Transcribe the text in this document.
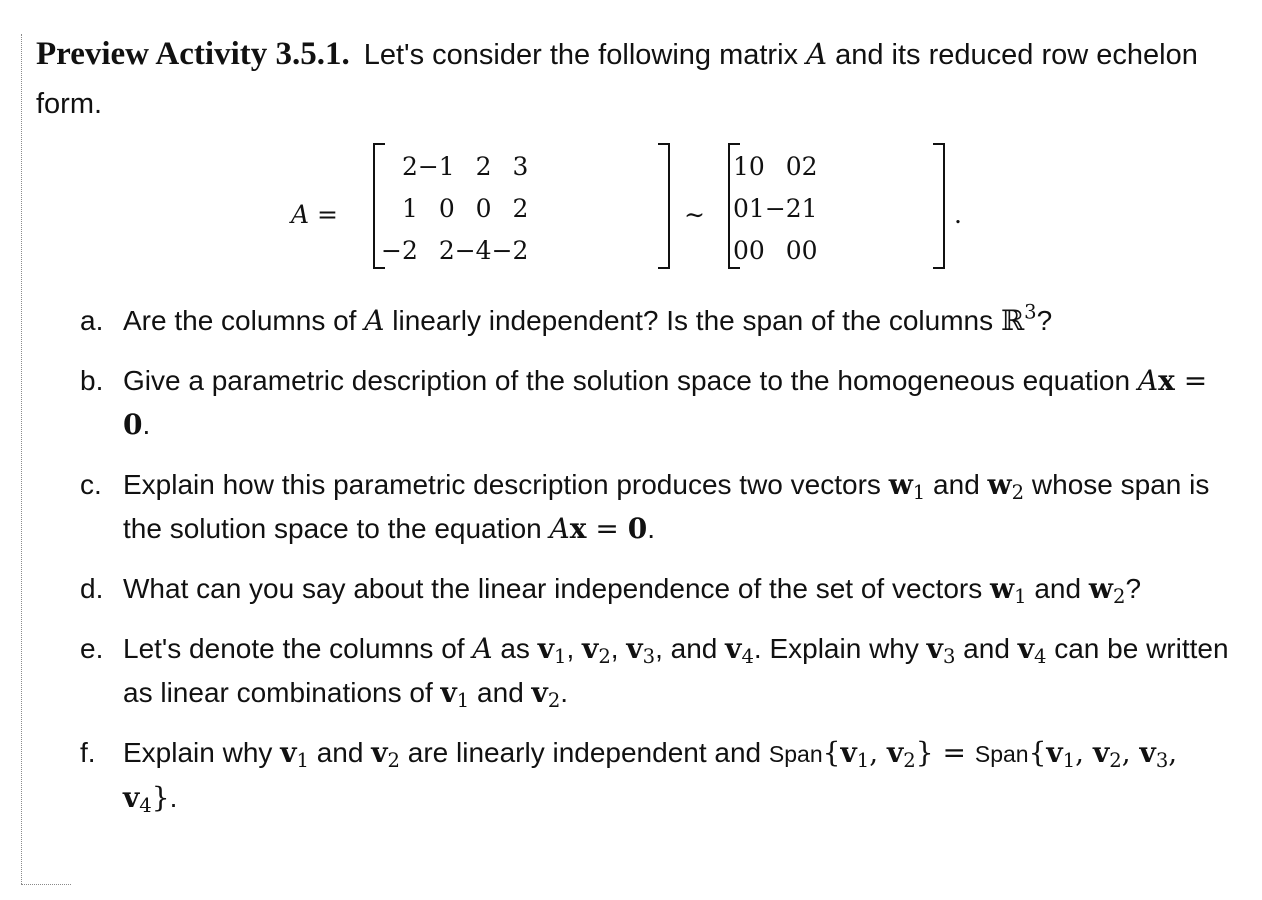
Preview Activity 3.5.1. Let's consider the following matrix A and its reduced row echelon form.

A =
2	−1	2	3
1	0	0	2
−2	2	−4	−2
∼
1	0	0	2
0	1	−2	1
0	0	0	0
.
a. Are the columns of A linearly independent? Is the span of the columns ℝ$^3$?
b. Give a parametric description of the solution space to the homogeneous equation Ax = 0.
c. Explain how this parametric description produces two vectors $w_1$ and $w_2$ whose span is the solution space to the equation Ax = 0.
d. What can you say about the linear independence of the set of vectors $w_1$ and $w_2$?
e. Let's denote the columns of A as $v_1$, $v_2$, $v_3$, and $v_4$. Explain why $v_3$ and $v_4$ can be written as linear combinations of $v_1$ and $v_2$.
f. Explain why $v_1$ and $v_2$ are linearly independent and $Span\{v_1$, $v_2$} = $Span\{v_1$, $v_2$, $v_3$, $v_4$}.
